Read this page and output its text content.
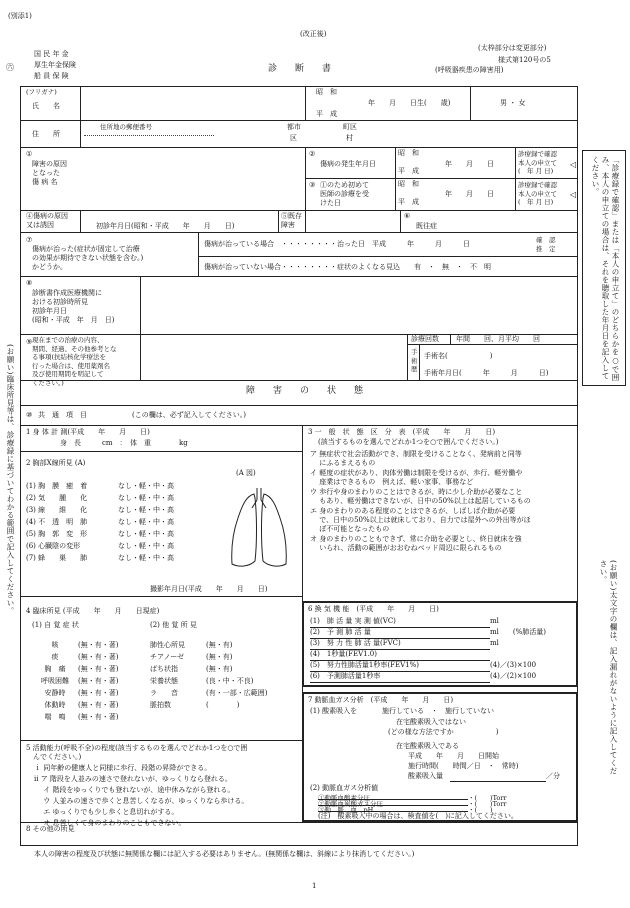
(別添1)
(改正後)
(太枠部分は変更部分)
様式第120号の5
㊅
国 民 年 金
厚生年金保険
船 員 保 険
診　　断　　書	(呼吸器疾患の障害用)
(フリガナ)
氏　　名
昭　和
平　成
年　　月　　日生(　　歳)	男 ・ 女
住　　所
住所地の郵便番号	都市
区
町区
村
①
障害の原因
となった
傷 病 名
②
傷病の発生年月日
昭　和

平　成
年　　月　　日
診療録で確認
本人の申立て
(　年 月 日)
③ ①のため初めて
医師の診療を受
けた日
昭　和

平　成
年　　月　　日
診療録で確認
本人の申立て
(　年 月 日)
④傷病の原因
又は誘因	初診年月日(昭和・平成　　年　　月　　日)
⑤既存
障害
⑥
既往症
⑦
傷病が治った(症状が固定して治療
の効果が期待できない状態を含む。)
かどうか。
傷病が治っている場合　・・・・・・・・治った日　平成　　　年　　　月　　　日	確　認
推　定
傷病が治っていない場合・・・・・・・・症状のよくなる見込　　有　・　無　・　不　明
⑧
診断書作成医療機関に
おける初診時所見
初診年月日
(昭和・平成　年　月　日)
⑨ 現在までの治療の内容、
期間、経過、その他参考とな
る事項(抗結核化学療法を
行った場合は、使用薬剤名
及び使用期間を明記して
ください。)
診療回数 年間　　回、月平均　　回
手
術
歴
手術名(　　　　　　)
手術年月日(　　　年　　　月　　　日)
障　　害　　の　　状　　態
⑩ 共　通　項　目	(この欄は、必ず記入してください。)
1 身 体 計 測(平成　　年　　月　　日)
身　長　　　cm　：　体　重　　　　kg
2 胸部X線所見 (A)
(A 図)
(1) 胸　膜　癒　着	なし・軽・中・高
(2) 気　　腫　　化	なし・軽・中・高
(3) 線　　維　　化	なし・軽・中・高
(4) 不　透　明　肺	なし・軽・中・高
(5) 胸　郭　変　形	なし・軽・中・高
(6) 心臓陰の変形	なし・軽・中・高
(7) 蜂　　巣　　肺	なし・軽・中・高
撮影年月日(平成　　年　　月　　日)
4 臨床所見 (平成　　年　　月　　日現症)
(1) 自 覚 症 状	(2) 他 覚 所 見
咳	(無・有・著)
痰	(無・有・著)
胸　痛	(無・有・著)
呼吸困難	(無・有・著)
安静時	(無・有・著)
体動時	(無・有・著)
喘　鳴	(無・有・著)
肺性心所見	(無・有)
チアノーゼ	(無・有)
ばち状指	(無・有)
栄養状態	(良・中・不良)
ラ　　音	(有・一部・広範囲)
脈拍数	(　　　　)
5 活動能力(呼吸不全)の程度(該当するものを選んでどれか1つを○で囲
　んでください。)
ｉ 同年齢の健康人と同様に歩行、段階の昇降ができる。
ii ア 階段を人並みの速さで登れないが、ゆっくりなら登れる。
　 イ 階段をゆっくりでも登れないが、途中休みながら登れる。
　 ウ 人並みの速さで歩くと息苦しくなるが、ゆっくりなら歩ける。
　 エ ゆっくりでも少し歩くと息切れがする。
　 オ 息苦しくて身のまわりのこともできない。
8 その他の所見
3 一　般　状　態　区　分　表　(平成　　年　　月　　日)
(該当するものを選んでどれか1つを○で囲んでください。)
ア 無症状で社会活動ができ、制限を受けることなく、発病前と同等
　 にふるまえるもの
イ 軽度の症状があり、肉体労働は制限を受けるが、歩行、軽労働や
　 座業はできるもの　例えば、軽い家事、事務など
ウ 歩行や身のまわりのことはできるが、時に少し介助が必要なこと
　 もあり、軽労働はできないが、日中の50%以上は起居しているもの
エ 身のまわりのある程度のことはできるが、しばしば介助が必要
　 で、日中の50%以上は就床しており、自力では屋外への外出等がほ
　 ぼ不可能となったもの
オ 身のまわりのこともできず、常に介助を必要とし、終日就床を強
　 いられ、活動の範囲がおおむねベッド周辺に限られるもの
6 換 気 機 能　(平成　　年　　月　　日)
(1)　肺 活 量 実 測 値(VC)	ml
(2)　予 測 肺 活 量	ml　　(%肺活量)
(3)　努 力 性 肺 活 量(FVC)	ml
(4)　1秒量(FEV1.0)
(5)　努力性肺活量1秒率(FEV1%)	(4)／(3)×100
(6)　予測肺活量1秒率	(4)／(2)×100
7 動脈血ガス分析　(平成　　年　　月　　日)
(1) 酸素吸入を	施行している　・　施行していない
在宅酸素吸入ではない
(どの様な方法ですか　　　　　　)
在宅酸素吸入である
平成　　年　　月　　日開始
施行時間(　　時間／日　・　常時)
酸素吸入量	／分
(2) 動脈血ガス分析値
①動脈血酸素分圧	・(　　)Torr
②動脈血炭酸ガス分圧	・(　　)Torr
③動　脈　血　pH	・(　　)
(注)　酸素吸入中の場合は、検査値を(　)に記入してください。
本人の障害の程度及び状態に無関係な欄には記入する必要はありません。(無関係な欄は、斜線により抹消してください。)
1
(お願い)臨床所見等は、診療録に基づいてわかる範囲で記入してください。
「診療録で確認」または「本人の申立て」のどちらかを○で囲み、本人の申立ての場合は、それを聴取した年月日を記入してください。
◁
◁
(お願い)太文字の欄は、記入漏れがないように記入してください。
